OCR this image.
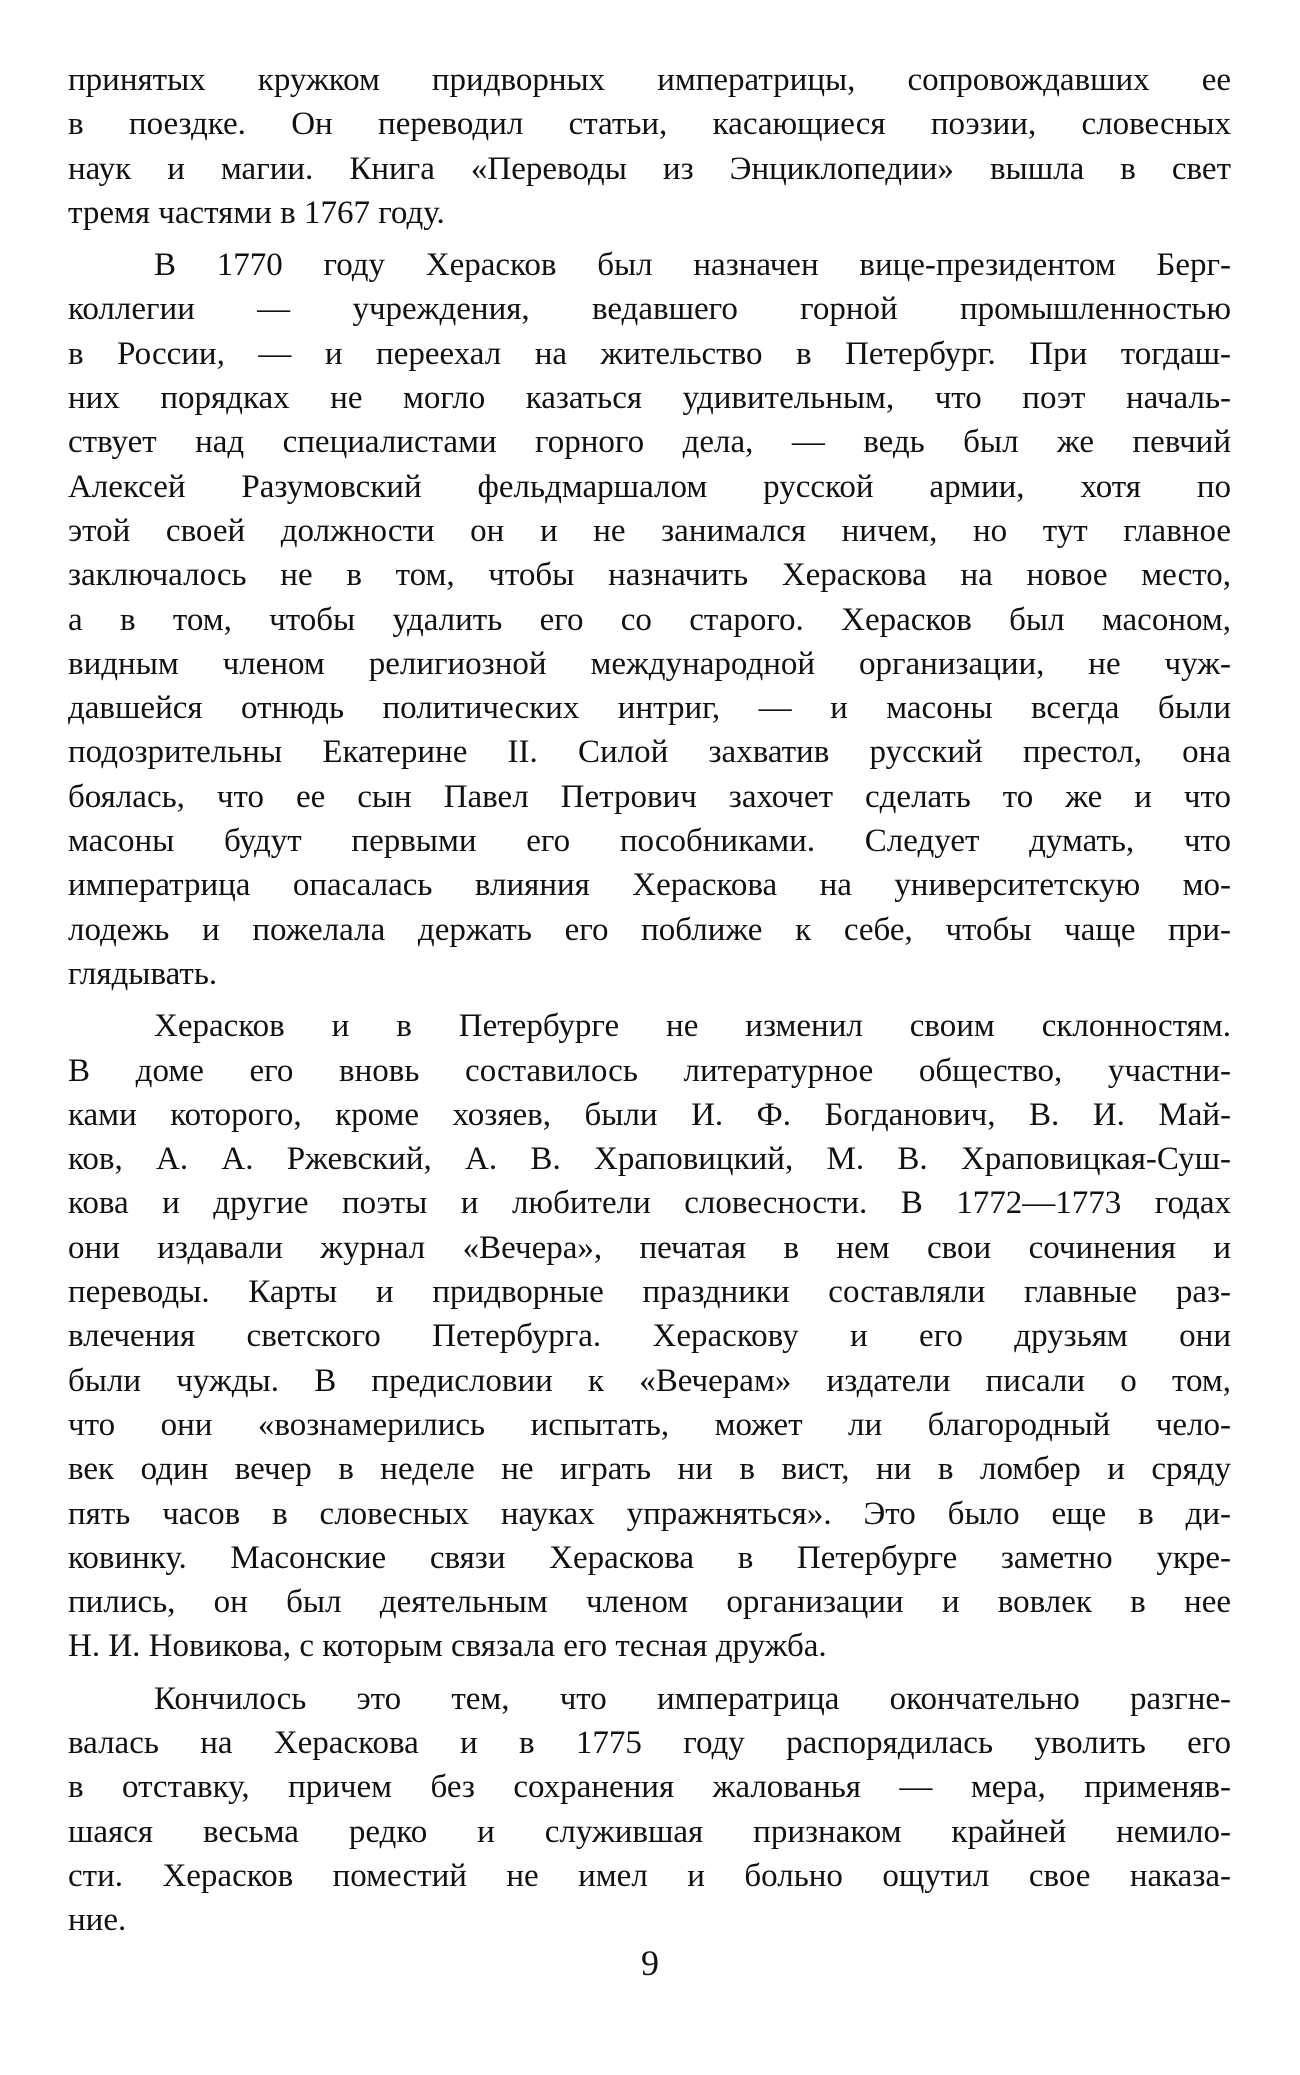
принятых кружком придворных императрицы, сопровождавших ее
в поездке. Он переводил статьи, касающиеся поэзии, словесных
наук и магии. Книга «Переводы из Энциклопедии» вышла в свет
тремя частями в 1767 году.

В 1770 году Херасков был назначен вице-президентом Берг-
коллегии — учреждения, ведавшего горной промышленностью
в России, — и переехал на жительство в Петербург. При тогдаш-
них порядках не могло казаться удивительным, что поэт началь-
ствует над специалистами горного дела, — ведь был же певчий
Алексей Разумовский фельдмаршалом русской армии, хотя по
этой своей должности он и не занимался ничем, но тут главное
заключалось не в том, чтобы назначить Хераскова на новое место,
а в том, чтобы удалить его со старого. Херасков был масоном,
видным членом религиозной международной организации, не чуж-
давшейся отнюдь политических интриг, — и масоны всегда были
подозрительны Екатерине II. Силой захватив русский престол, она
боялась, что ее сын Павел Петрович захочет сделать то же и что
масоны будут первыми его пособниками. Следует думать, что
императрица опасалась влияния Хераскова на университетскую мо-
лодежь и пожелала держать его поближе к себе, чтобы чаще при-
глядывать.

Херасков и в Петербурге не изменил своим склонностям.
В доме его вновь составилось литературное общество, участни-
ками которого, кроме хозяев, были И. Ф. Богданович, В. И. Май-
ков, А. А. Ржевский, А. В. Храповицкий, М. В. Храповицкая-Суш-
кова и другие поэты и любители словесности. В 1772—1773 годах
они издавали журнал «Вечера», печатая в нем свои сочинения и
переводы. Карты и придворные праздники составляли главные раз-
влечения светского Петербурга. Хераскову и его друзьям они
были чужды. В предисловии к «Вечерам» издатели писали о том,
что они «вознамерились испытать, может ли благородный чело-
век один вечер в неделе не играть ни в вист, ни в ломбер и сряду
пять часов в словесных науках упражняться». Это было еще в ди-
ковинку. Масонские связи Хераскова в Петербурге заметно укре-
пились, он был деятельным членом организации и вовлек в нее
Н. И. Новикова, с которым связала его тесная дружба.

Кончилось это тем, что императрица окончательно разгне-
валась на Хераскова и в 1775 году распорядилась уволить его
в отставку, причем без сохранения жалованья — мера, применяв-
шаяся весьма редко и служившая признаком крайней немило-
сти. Херасков поместий не имел и больно ощутил свое наказа-
ние.

9
